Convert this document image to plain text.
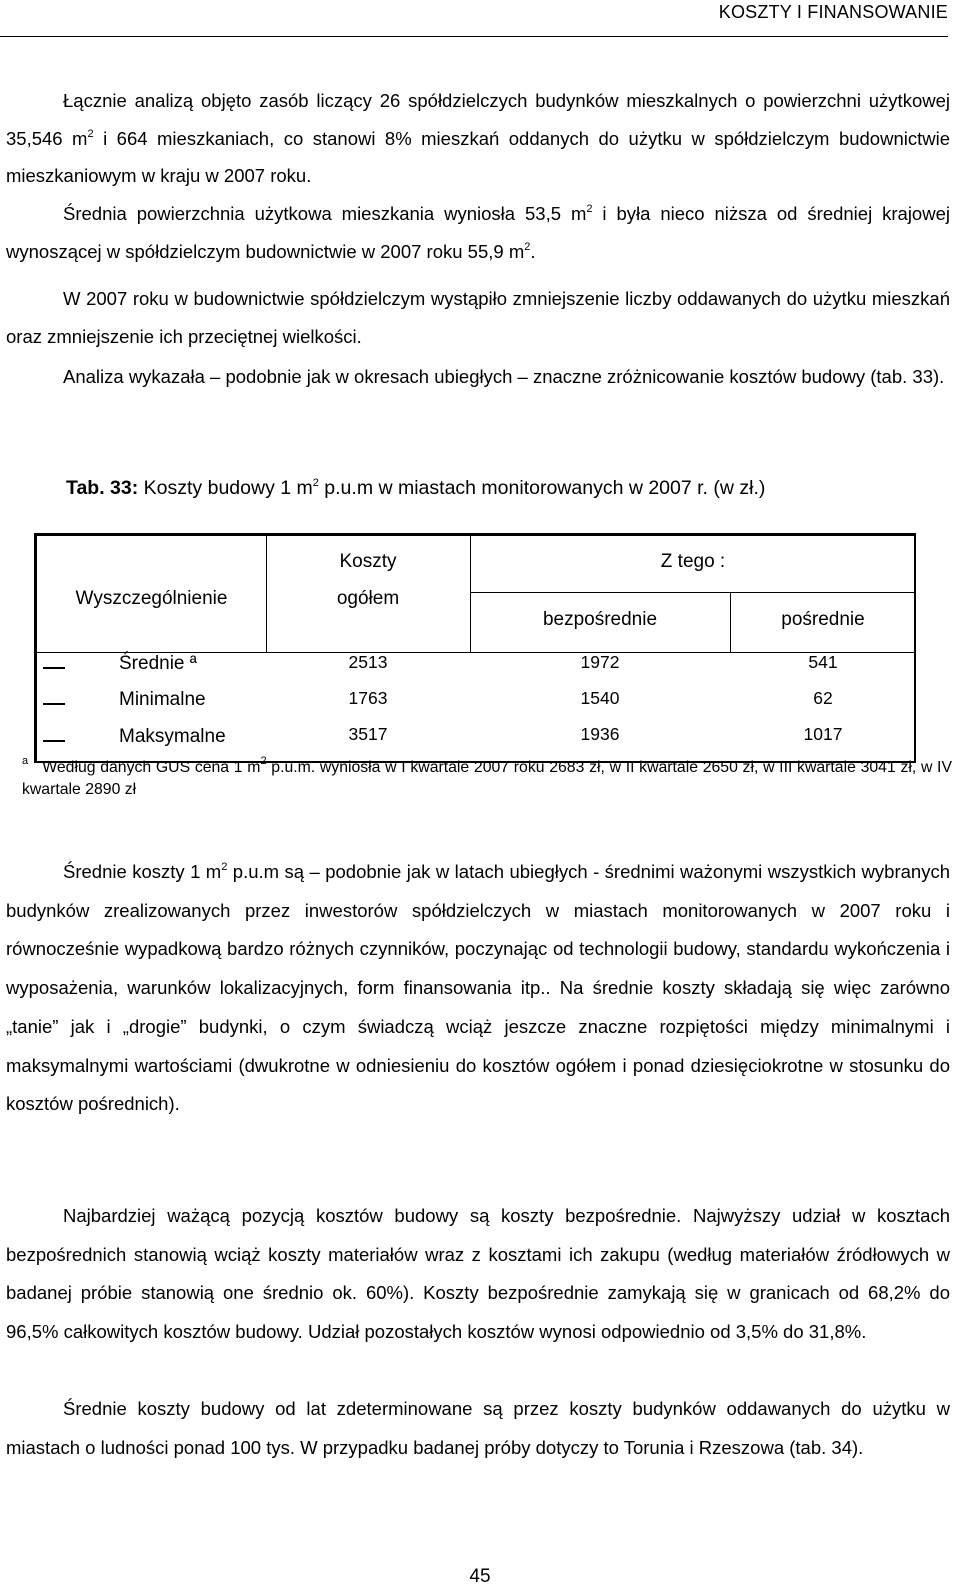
KOSZTY I FINANSOWANIE
Łącznie analizą objęto zasób liczący 26 spółdzielczych budynków mieszkalnych o powierzchni użytkowej 35,546 $m^2$ i 664 mieszkaniach, co stanowi 8% mieszkań oddanych do użytku w spółdzielczym budownictwie mieszkaniowym w kraju w 2007 roku.
Średnia powierzchnia użytkowa mieszkania wyniosła 53,5 $m^2$ i była nieco niższa od średniej krajowej wynoszącej w spółdzielczym budownictwie w 2007 roku 55,9 $m^2$.
W 2007 roku w budownictwie spółdzielczym wystąpiło zmniejszenie liczby oddawanych do użytku mieszkań oraz zmniejszenie ich przeciętnej wielkości.
Analiza wykazała – podobnie jak w okresach ubiegłych – znaczne zróżnicowanie kosztów budowy (tab. 33).
Tab. 33: Koszty budowy 1 $m^2$ p.u.m w miastach monitorowanych w 2007 r. (w zł.)
Wyszczególnienie
Koszty
ogółem
Z tego :
bezpośrednie	pośrednie
Średnie ª	2513	1972	541
Minimalne	1763	1540	62
Maksymalne	3517	1936	1017
$^a$   Według danych GUS cena 1 $m^2$ p.u.m. wyniosła w I kwartale 2007 roku 2683 zł, w II kwartale 2650 zł, w III kwartale 3041 zł, w IV kwartale 2890 zł
Średnie koszty 1 $m^2$ p.u.m są – podobnie jak w latach ubiegłych - średnimi ważonymi wszystkich wybranych budynków zrealizowanych przez inwestorów spółdzielczych w miastach monitorowanych w 2007 roku i równocześnie wypadkową bardzo różnych czynników, poczynając od technologii budowy, standardu wykończenia i wyposażenia, warunków lokalizacyjnych, form finansowania itp.. Na średnie koszty składają się więc zarówno „tanie” jak i „drogie” budynki, o czym świadczą wciąż jeszcze znaczne rozpiętości między minimalnymi i maksymalnymi wartościami (dwukrotne w odniesieniu do kosztów ogółem i ponad dziesięciokrotne w stosunku do kosztów pośrednich).
Najbardziej ważącą pozycją kosztów budowy są koszty bezpośrednie. Najwyższy udział w kosztach bezpośrednich stanowią wciąż koszty materiałów wraz z kosztami ich zakupu (według materiałów źródłowych w badanej próbie stanowią one średnio ok. 60%). Koszty bezpośrednie zamykają się w granicach od 68,2% do 96,5% całkowitych kosztów budowy. Udział pozostałych kosztów wynosi odpowiednio od 3,5% do 31,8%.
Średnie koszty budowy od lat zdeterminowane są przez koszty budynków oddawanych do użytku w miastach o ludności ponad 100 tys. W przypadku badanej próby dotyczy to Torunia i Rzeszowa (tab. 34).
45
